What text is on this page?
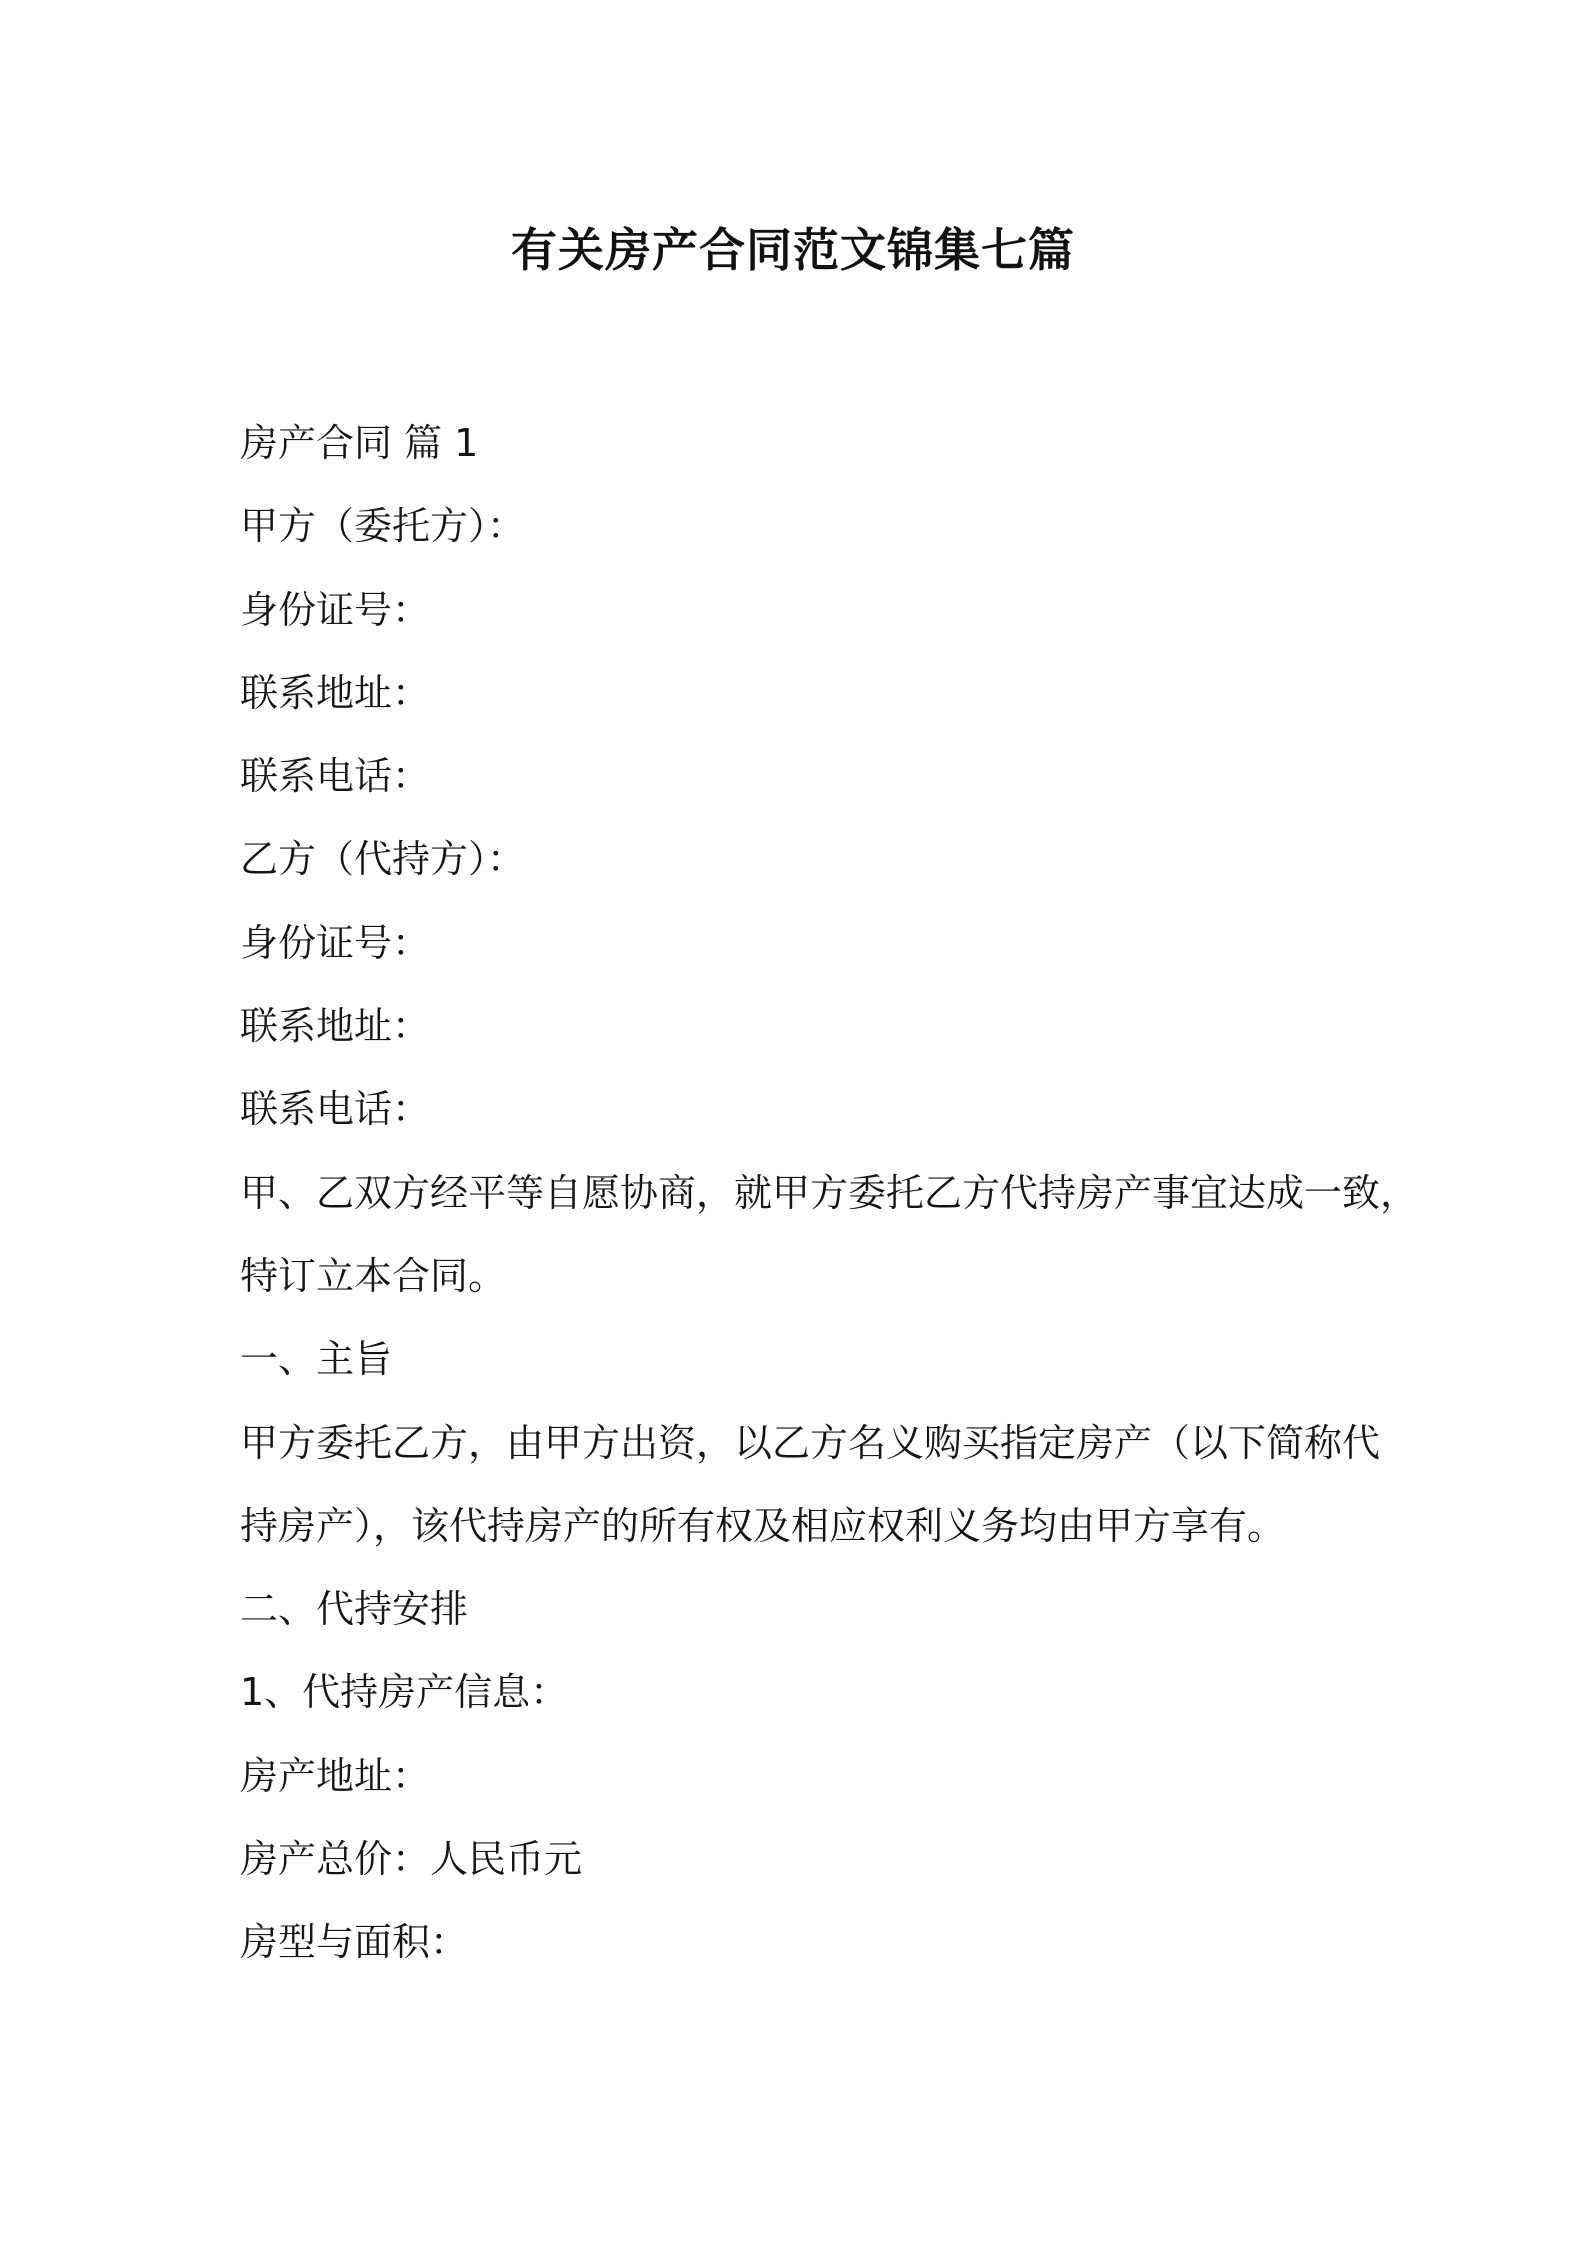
有关房产合同范文锦集七篇
房产合同 篇 1
甲方（委托方）：
身份证号：
联系地址：
联系电话：
乙方（代持方）：
身份证号：
联系地址：
联系电话：
甲、乙双方经平等自愿协商，就甲方委托乙方代持房产事宜达成一致，
特订立本合同。
一、主旨
甲方委托乙方，由甲方出资，以乙方名义购买指定房产（以下简称代
持房产），该代持房产的所有权及相应权利义务均由甲方享有。
二、代持安排
1、代持房产信息：
房产地址：
房产总价：人民币元
房型与面积：
